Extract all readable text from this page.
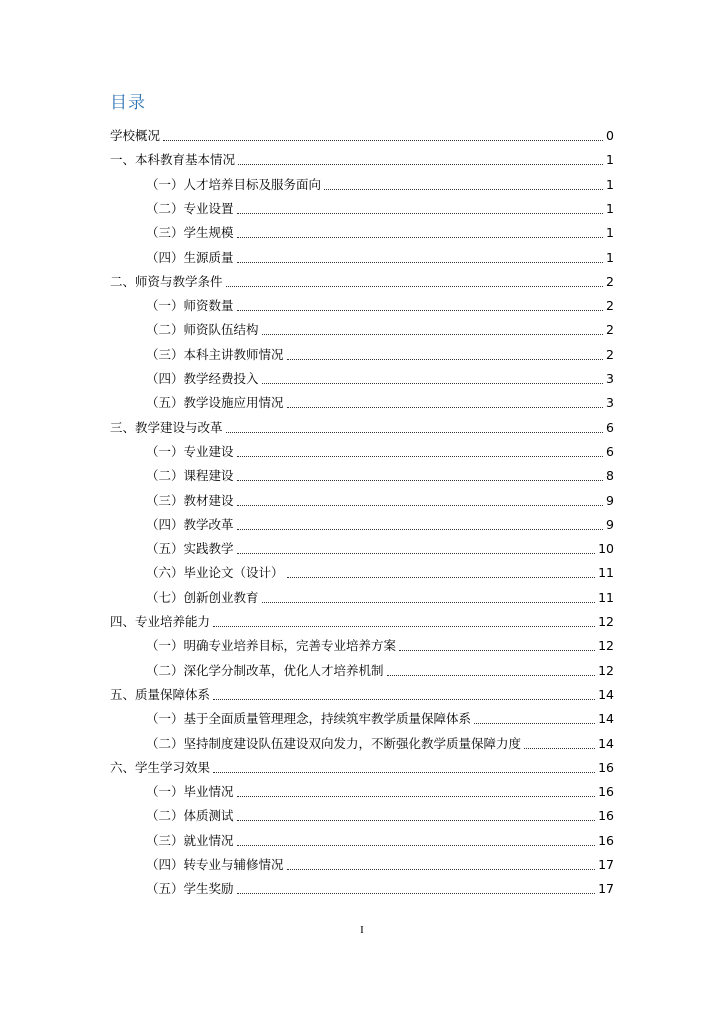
目录
学校概况	0
一、本科教育基本情况	1
（一）人才培养目标及服务面向	1
（二）专业设置	1
（三）学生规模	1
（四）生源质量	1
二、师资与教学条件	2
（一）师资数量	2
（二）师资队伍结构	2
（三）本科主讲教师情况	2
（四）教学经费投入	3
（五）教学设施应用情况	3
三、教学建设与改革	6
（一）专业建设	6
（二）课程建设	8
（三）教材建设	9
（四）教学改革	9
（五）实践教学	10
（六）毕业论文（设计）	11
（七）创新创业教育	11
四、专业培养能力	12
（一）明确专业培养目标，完善专业培养方案	12
（二）深化学分制改革，优化人才培养机制	12
五、质量保障体系	14
（一）基于全面质量管理理念，持续筑牢教学质量保障体系	14
（二）坚持制度建设队伍建设双向发力，不断强化教学质量保障力度	14
六、学生学习效果	16
（一）毕业情况	16
（二）体质测试	16
（三）就业情况	16
（四）转专业与辅修情况	17
（五）学生奖励	17
I
